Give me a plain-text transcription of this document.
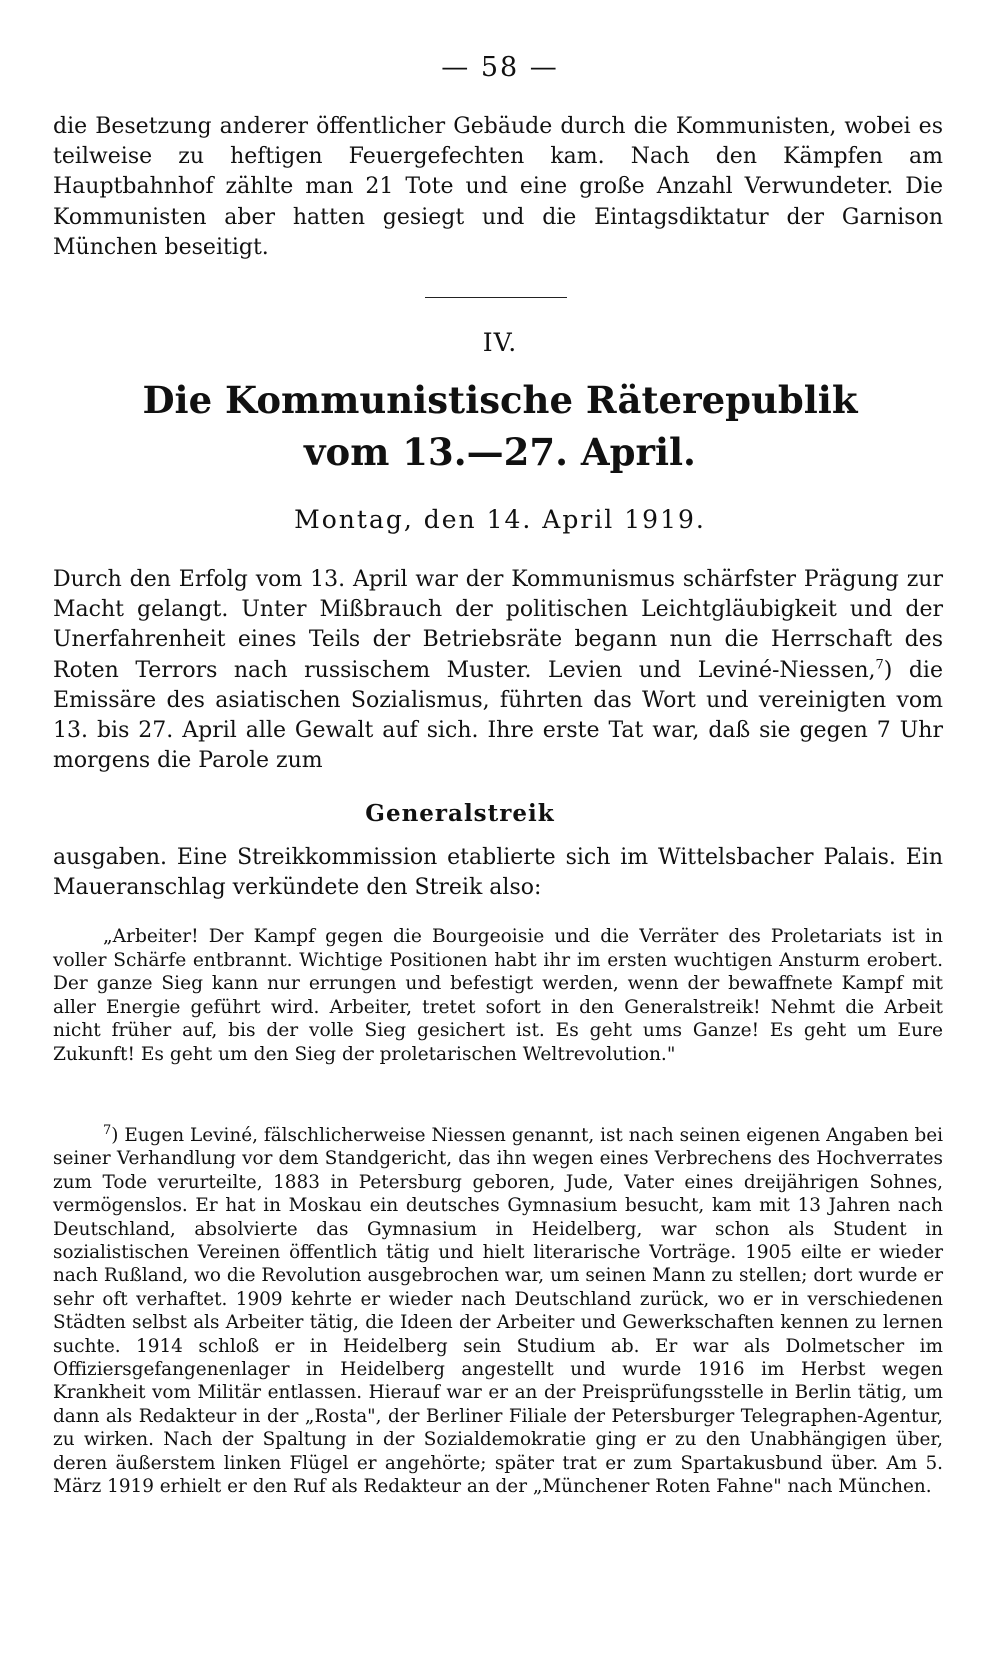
— 58 —

die Besetzung anderer öffentlicher Gebäude durch die Kommunisten, wobei es teilweise zu heftigen Feuergefechten kam. Nach den Kämpfen am Hauptbahnhof zählte man 21 Tote und eine große Anzahl Verwundeter. Die Kommunisten aber hatten gesiegt und die Eintagsdiktatur der Garnison München beseitigt.

IV.
Die Kommunistische Räterepublik
vom 13.—27. April.
Montag, den 14. April 1919.

Durch den Erfolg vom 13. April war der Kommunismus schärfster Prägung zur Macht gelangt. Unter Mißbrauch der politischen Leichtgläubigkeit und der Unerfahrenheit eines Teils der Betriebsräte begann nun die Herrschaft des Roten Terrors nach russischem Muster. Levien und Leviné-Niessen,$^7$) die Emissäre des asiatischen Sozialismus, führten das Wort und vereinigten vom 13. bis 27. April alle Gewalt auf sich. Ihre erste Tat war, daß sie gegen 7 Uhr morgens die Parole zum

Generalstreik

ausgaben. Eine Streikkommission etablierte sich im Wittelsbacher Palais. Ein Maueranschlag verkündete den Streik also:

„Arbeiter! Der Kampf gegen die Bourgeoisie und die Verräter des Proletariats ist in voller Schärfe entbrannt. Wichtige Positionen habt ihr im ersten wuchtigen Ansturm erobert. Der ganze Sieg kann nur errungen und befestigt werden, wenn der bewaffnete Kampf mit aller Energie geführt wird. Arbeiter, tretet sofort in den Generalstreik! Nehmt die Arbeit nicht früher auf, bis der volle Sieg gesichert ist. Es geht ums Ganze! Es geht um Eure Zukunft! Es geht um den Sieg der proletarischen Weltrevolution."

$^7$) Eugen Leviné, fälschlicherweise Niessen genannt, ist nach seinen eigenen Angaben bei seiner Verhandlung vor dem Standgericht, das ihn wegen eines Verbrechens des Hochverrates zum Tode verurteilte, 1883 in Petersburg geboren, Jude, Vater eines dreijährigen Sohnes, vermögenslos. Er hat in Moskau ein deutsches Gymnasium besucht, kam mit 13 Jahren nach Deutschland, absolvierte das Gymnasium in Heidelberg, war schon als Student in sozialistischen Vereinen öffentlich tätig und hielt literarische Vorträge. 1905 eilte er wieder nach Rußland, wo die Revolution ausgebrochen war, um seinen Mann zu stellen; dort wurde er sehr oft verhaftet. 1909 kehrte er wieder nach Deutschland zurück, wo er in verschiedenen Städten selbst als Arbeiter tätig, die Ideen der Arbeiter und Gewerkschaften kennen zu lernen suchte. 1914 schloß er in Heidelberg sein Studium ab. Er war als Dolmetscher im Offiziersgefangenenlager in Heidelberg angestellt und wurde 1916 im Herbst wegen Krankheit vom Militär entlassen. Hierauf war er an der Preisprüfungsstelle in Berlin tätig, um dann als Redakteur in der „Rosta", der Berliner Filiale der Petersburger Telegraphen-Agentur, zu wirken. Nach der Spaltung in der Sozialdemokratie ging er zu den Unabhängigen über, deren äußerstem linken Flügel er angehörte; später trat er zum Spartakusbund über. Am 5. März 1919 erhielt er den Ruf als Redakteur an der „Münchener Roten Fahne" nach München.
